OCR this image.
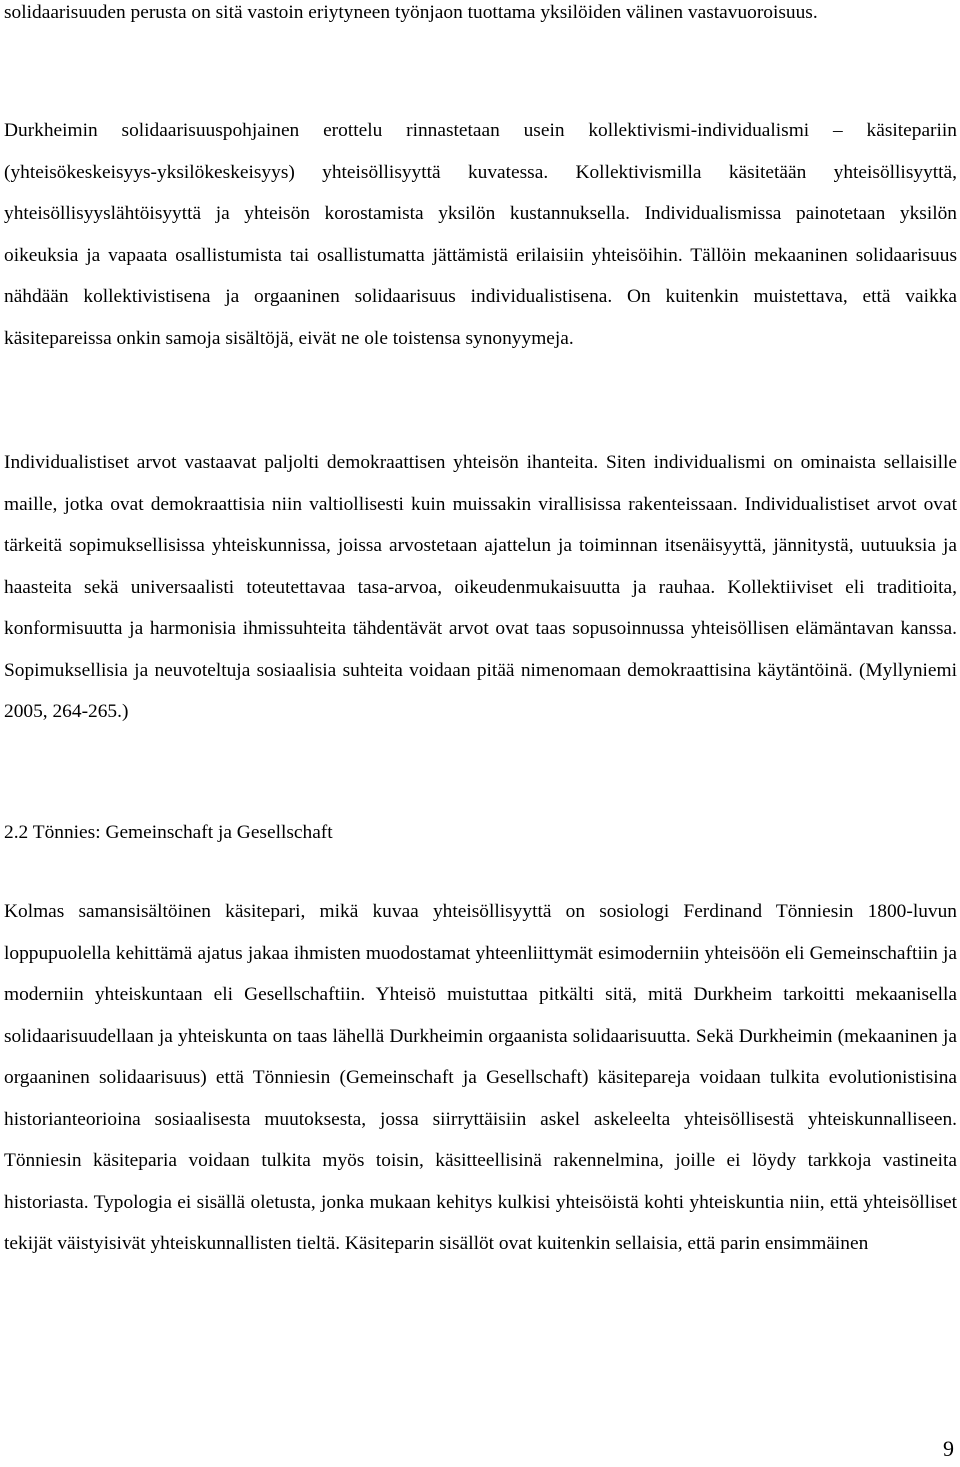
solidaarisuuden perusta on sitä vastoin eriytyneen työnjaon tuottama yksilöiden välinen vastavuoroisuus.

Durkheimin solidaarisuuspohjainen erottelu rinnastetaan usein kollektivismi-individualismi – käsitepariin (yhteisökeskeisyys-yksilökeskeisyys) yhteisöllisyyttä kuvatessa. Kollektivismilla käsitetään yhteisöllisyyttä, yhteisöllisyyslähtöisyyttä ja yhteisön korostamista yksilön kustannuksella. Individualismissa painotetaan yksilön oikeuksia ja vapaata osallistumista tai osallistumatta jättämistä erilaisiin yhteisöihin. Tällöin mekaaninen solidaarisuus nähdään kollektivistisena ja orgaaninen solidaarisuus individualistisena. On kuitenkin muistettava, että vaikka käsitepareissa onkin samoja sisältöjä, eivät ne ole toistensa synonyymeja.

Individualistiset arvot vastaavat paljolti demokraattisen yhteisön ihanteita. Siten individualismi on ominaista sellaisille maille, jotka ovat demokraattisia niin valtiollisesti kuin muissakin virallisissa rakenteissaan. Individualistiset arvot ovat tärkeitä sopimuksellisissa yhteiskunnissa, joissa arvostetaan ajattelun ja toiminnan itsenäisyyttä, jännitystä, uutuuksia ja haasteita sekä universaalisti toteutettavaa tasa-arvoa, oikeudenmukaisuutta ja rauhaa. Kollektiiviset eli traditioita, konformisuutta ja harmonisia ihmissuhteita tähdentävät arvot ovat taas sopusoinnussa yhteisöllisen elämäntavan kanssa. Sopimuksellisia ja neuvoteltuja sosiaalisia suhteita voidaan pitää nimenomaan demokraattisina käytäntöinä. (Myllyniemi 2005, 264-265.)

2.2 Tönnies: Gemeinschaft ja Gesellschaft

Kolmas samansisältöinen käsitepari, mikä kuvaa yhteisöllisyyttä on sosiologi Ferdinand Tönniesin 1800-luvun loppupuolella kehittämä ajatus jakaa ihmisten muodostamat yhteenliittymät esimoderniin yhteisöön eli Gemeinschaftiin ja moderniin yhteiskuntaan eli Gesellschaftiin. Yhteisö muistuttaa pitkälti sitä, mitä Durkheim tarkoitti mekaanisella solidaarisuudellaan ja yhteiskunta on taas lähellä Durkheimin orgaanista solidaarisuutta. Sekä Durkheimin (mekaaninen ja orgaaninen solidaarisuus) että Tönniesin (Gemeinschaft ja Gesellschaft) käsitepareja voidaan tulkita evolutionistisina historianteorioina sosiaalisesta muutoksesta, jossa siirryttäisiin askel askeleelta yhteisöllisestä yhteiskunnalliseen. Tönniesin käsiteparia voidaan tulkita myös toisin, käsitteellisinä rakennelmina, joille ei löydy tarkkoja vastineita historiasta. Typologia ei sisällä oletusta, jonka mukaan kehitys kulkisi yhteisöistä kohti yhteiskuntia niin, että yhteisölliset tekijät väistyisivät yhteiskunnallisten tieltä. Käsiteparin sisällöt ovat kuitenkin sellaisia, että parin ensimmäinen

9
